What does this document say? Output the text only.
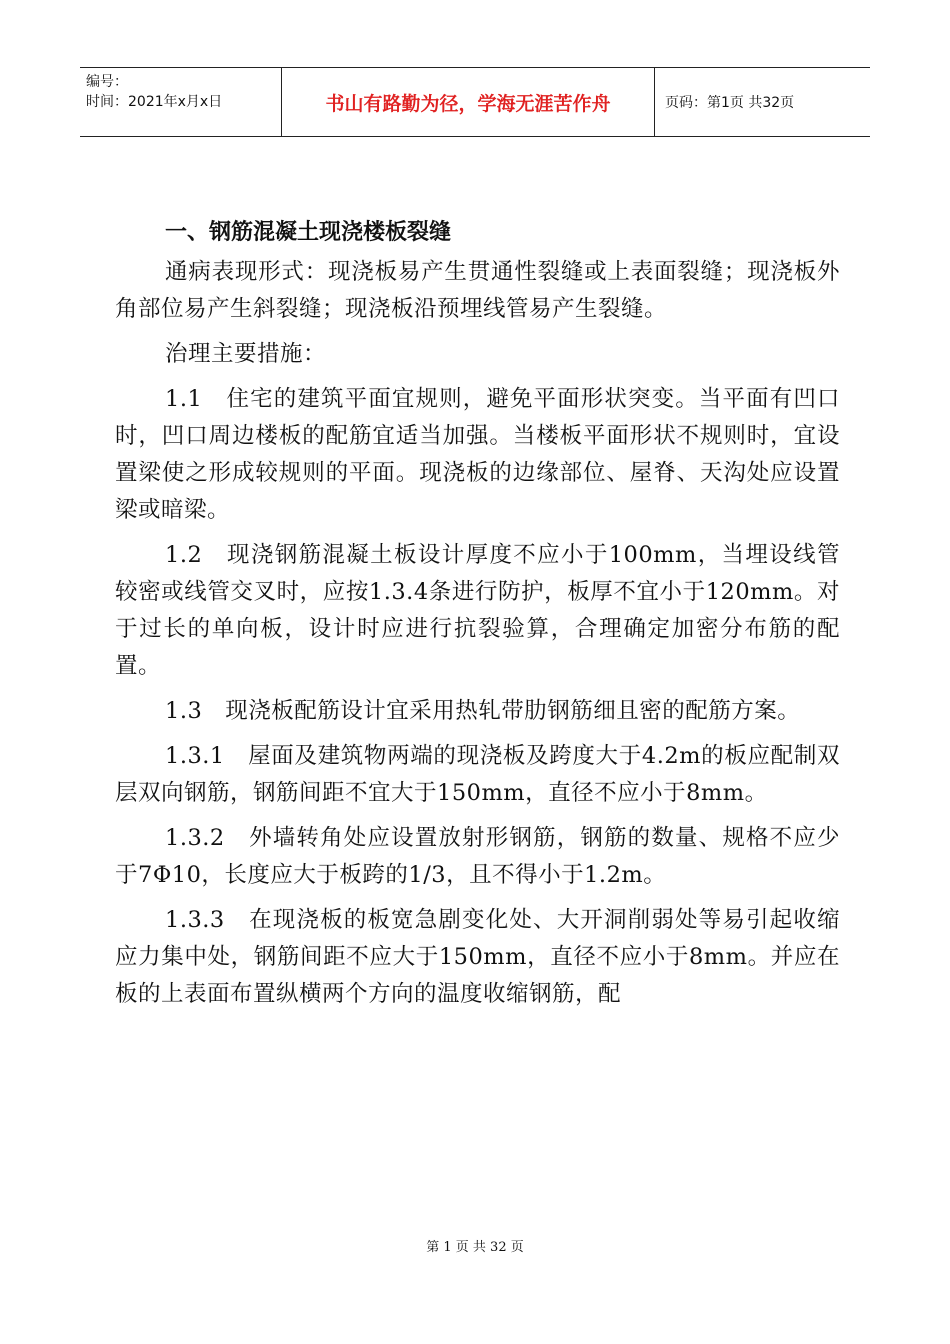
编号：
时间：2021年x月x日	书山有路勤为径，学海无涯苦作舟	页码：第1页 共32页
一、钢筋混凝土现浇楼板裂缝

通病表现形式：现浇板易产生贯通性裂缝或上表面裂缝；现浇板外角部位易产生斜裂缝；现浇板沿预埋线管易产生裂缝。

治理主要措施：

1.1　住宅的建筑平面宜规则，避免平面形状突变。当平面有凹口时，凹口周边楼板的配筋宜适当加强。当楼板平面形状不规则时，宜设置梁使之形成较规则的平面。现浇板的边缘部位、屋脊、天沟处应设置梁或暗梁。

1.2　现浇钢筋混凝土板设计厚度不应小于100mm，当埋设线管较密或线管交叉时，应按1.3.4条进行防护，板厚不宜小于120mm。对于过长的单向板，设计时应进行抗裂验算，合理确定加密分布筋的配置。

1.3　现浇板配筋设计宜采用热轧带肋钢筋细且密的配筋方案。

1.3.1　屋面及建筑物两端的现浇板及跨度大于4.2m的板应配制双层双向钢筋，钢筋间距不宜大于150mm，直径不应小于8mm。

1.3.2　外墙转角处应设置放射形钢筋，钢筋的数量、规格不应少于7Φ10，长度应大于板跨的1/3，且不得小于1.2m。

1.3.3　在现浇板的板宽急剧变化处、大开洞削弱处等易引起收缩应力集中处，钢筋间距不应大于150mm，直径不应小于8mm。并应在板的上表面布置纵横两个方向的温度收缩钢筋，配

第 1 页 共 32 页
